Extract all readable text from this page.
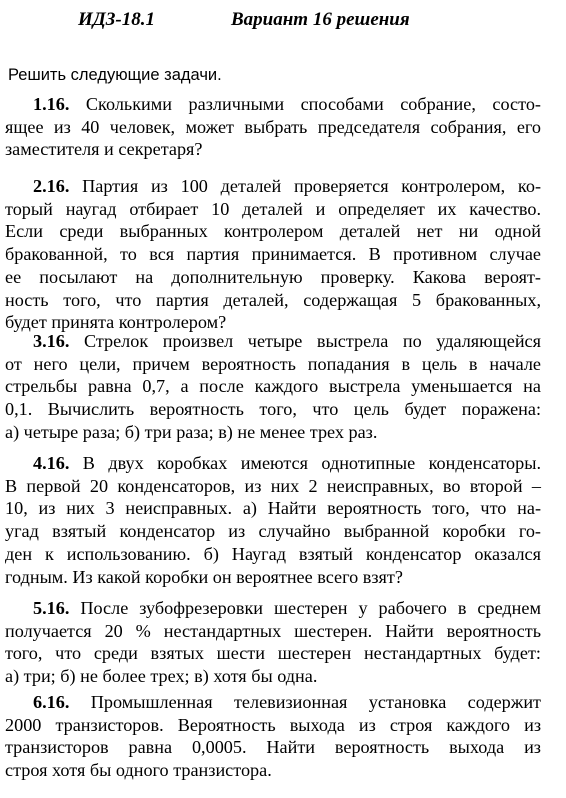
ИДЗ-18.1	Вариант 16 решения
Решить следующие задачи.
1.16. Сколькими различными способами собрание, состо-
ящее из 40 человек, может выбрать председателя собрания, его
заместителя и секретаря?
2.16. Партия из 100 деталей проверяется контролером, ко-
торый наугад отбирает 10 деталей и определяет их качество.
Если среди выбранных контролером деталей нет ни одной
бракованной, то вся партия принимается. В противном случае
ее посылают на дополнительную проверку. Какова вероят-
ность того, что партия деталей, содержащая 5 бракованных,
будет принята контролером?
3.16. Стрелок произвел четыре выстрела по удаляющейся
от него цели, причем вероятность попадания в цель в начале
стрельбы равна 0,7, а после каждого выстрела уменьшается на
0,1. Вычислить вероятность того, что цель будет поражена:
а) четыре раза; б) три раза; в) не менее трех раз.
4.16. В двух коробках имеются однотипные конденсаторы.
В первой 20 конденсаторов, из них 2 неисправных, во второй –
10, из них 3 неисправных. а) Найти вероятность того, что на-
угад взятый конденсатор из случайно выбранной коробки го-
ден к использованию. б) Наугад взятый конденсатор оказался
годным. Из какой коробки он вероятнее всего взят?
5.16. После зубофрезеровки шестерен у рабочего в среднем
получается 20 % нестандартных шестерен. Найти вероятность
того, что среди взятых шести шестерен нестандартных будет:
а) три; б) не более трех; в) хотя бы одна.
6.16. Промышленная телевизионная установка содержит
2000 транзисторов. Вероятность выхода из строя каждого из
транзисторов равна 0,0005. Найти вероятность выхода из
строя хотя бы одного транзистора.
